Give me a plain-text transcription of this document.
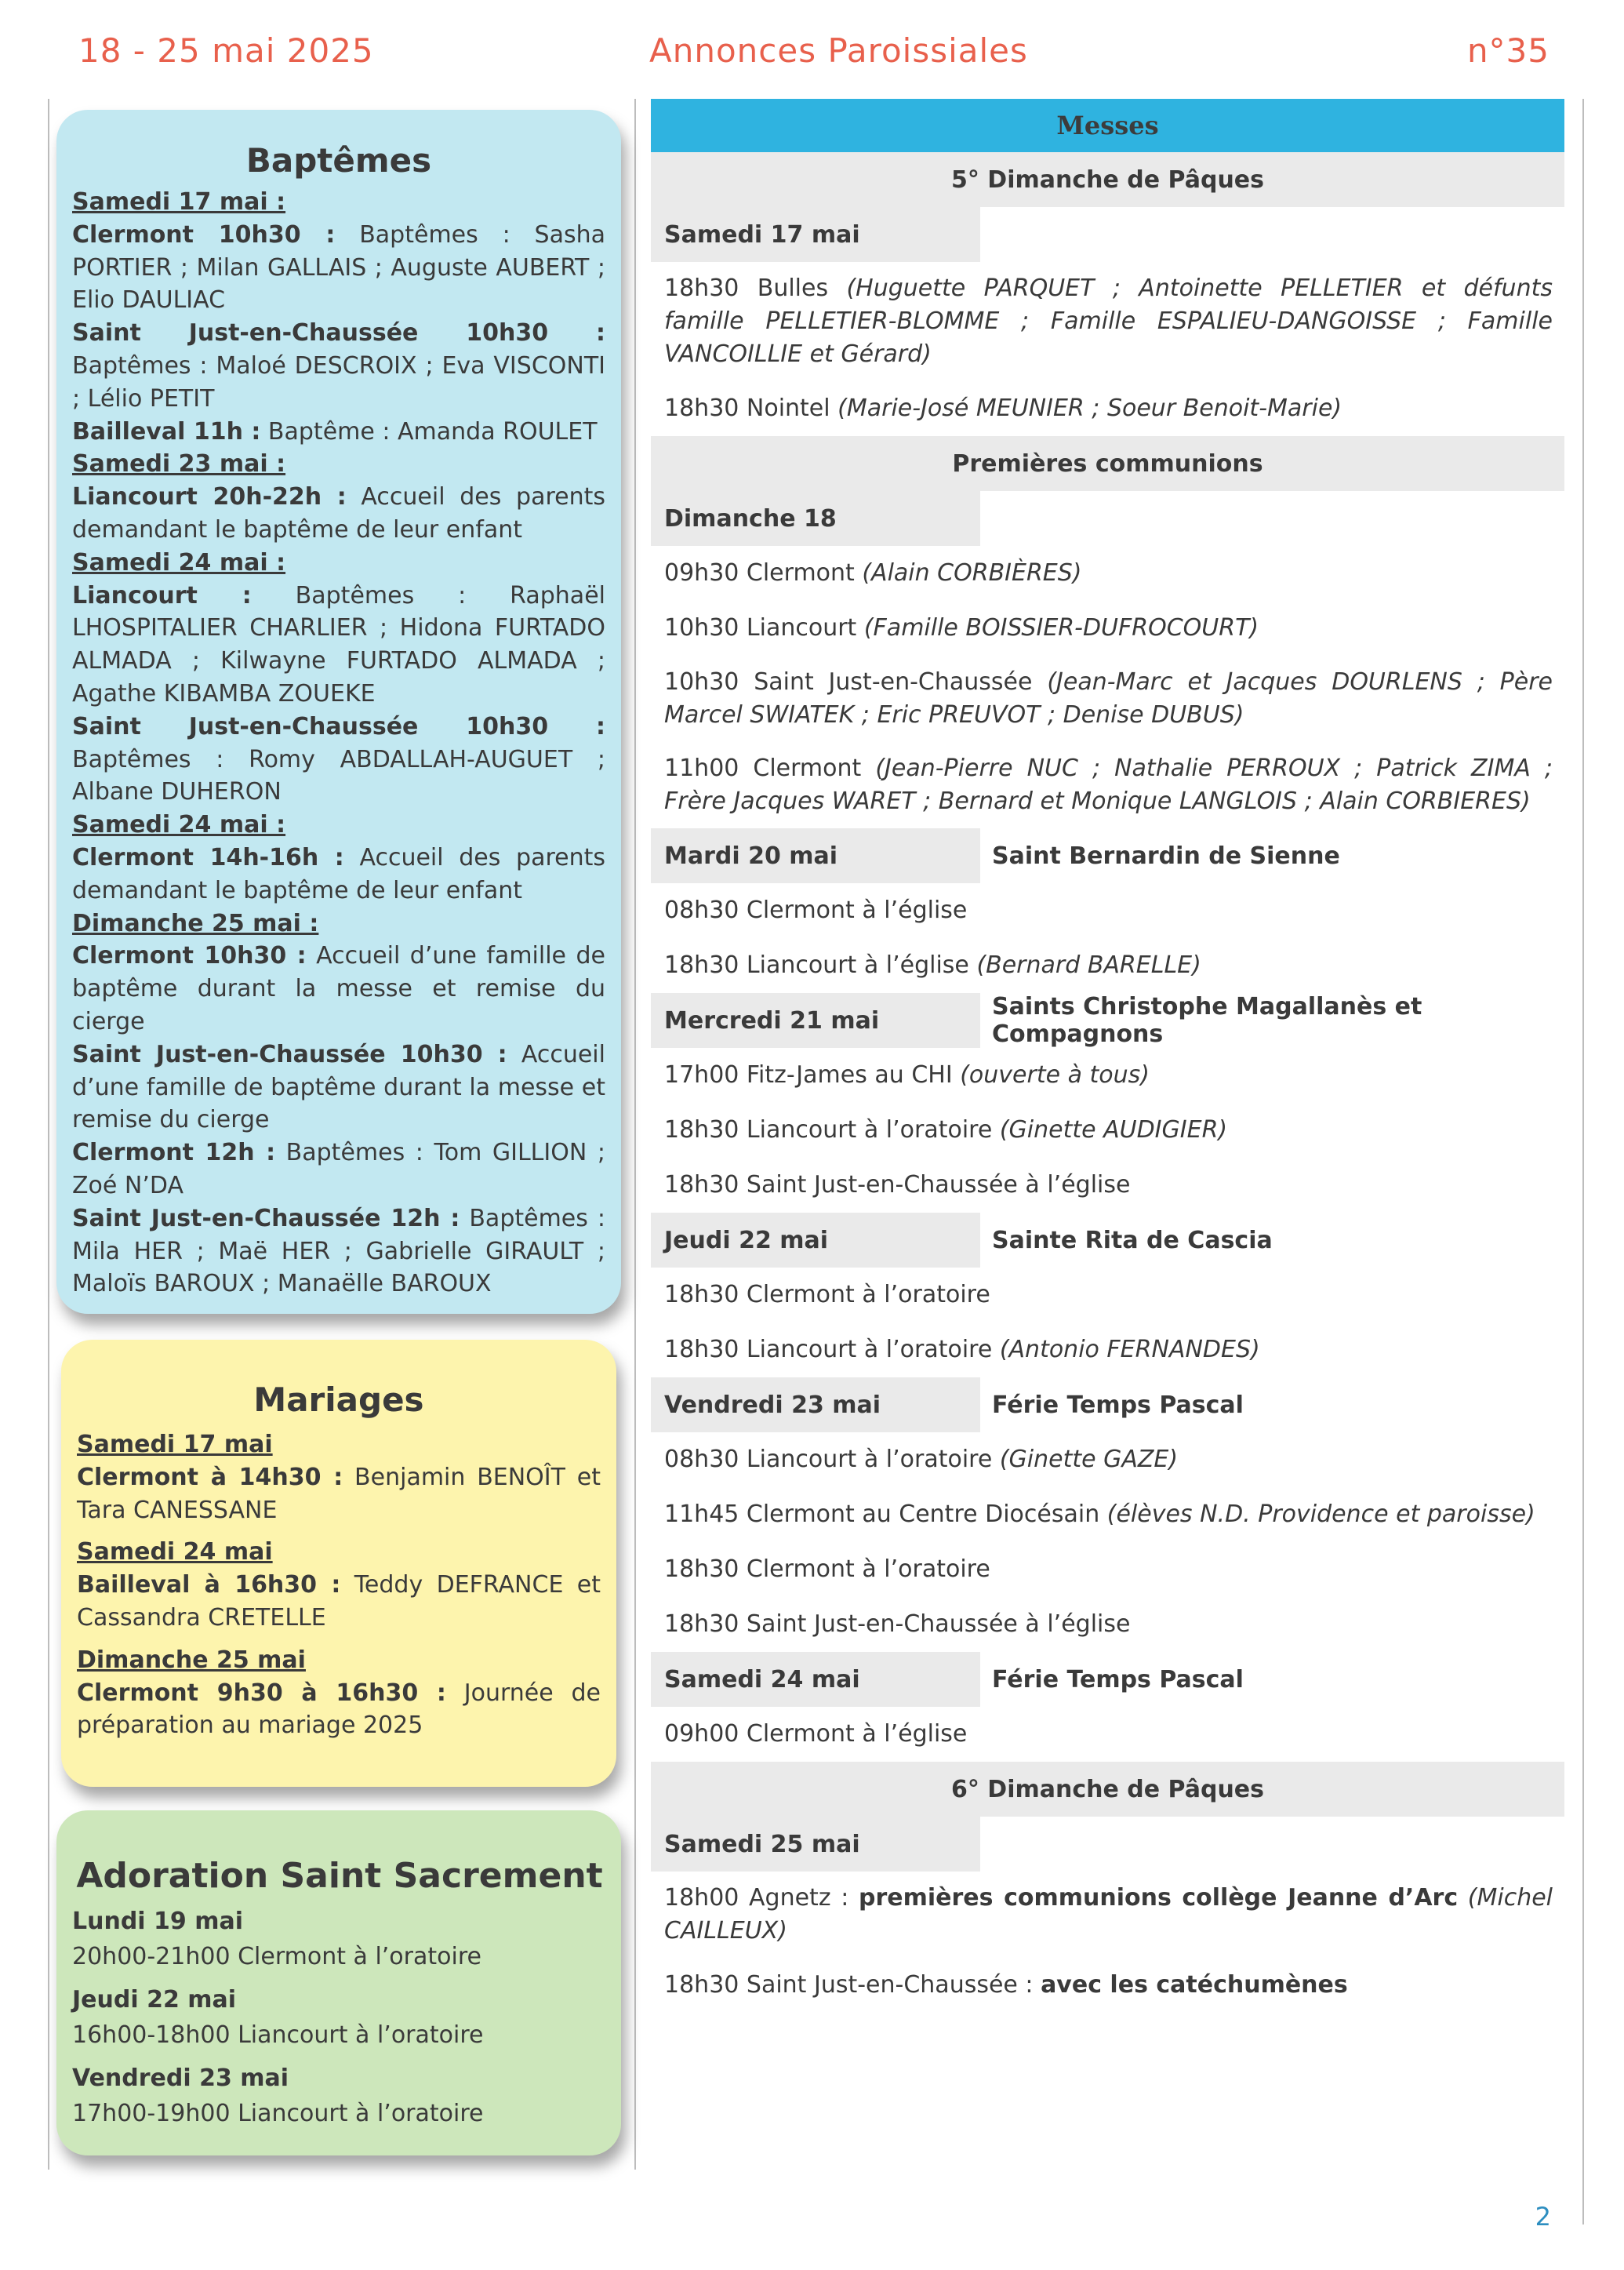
18 - 25 mai 2025	Annonces Paroissiales	n°35
Baptêmes
Samedi 17 mai :
Clermont 10h30 : Baptêmes : Sasha PORTIER ; Milan GALLAIS ; Auguste AUBERT ; Elio DAULIAC
Saint Just-en-Chaussée 10h30 : Baptêmes : Maloé DESCROIX ; Eva VISCONTI ; Lélio PETIT
Bailleval 11h : Baptême : Amanda ROULET
Samedi 23 mai :
Liancourt 20h-22h : Accueil des parents demandant le baptême de leur enfant
Samedi 24 mai :
Liancourt : Baptêmes : Raphaël LHOSPITALIER CHARLIER ; Hidona FURTADO ALMADA ; Kilwayne FURTADO ALMADA ; Agathe KIBAMBA ZOUEKE
Saint Just-en-Chaussée 10h30 : Baptêmes : Romy ABDALLAH-AUGUET ; Albane DUHERON
Samedi 24 mai :
Clermont 14h-16h : Accueil des parents demandant le baptême de leur enfant
Dimanche 25 mai :
Clermont 10h30 : Accueil d’une famille de baptême durant la messe et remise du cierge
Saint Just-en-Chaussée 10h30 : Accueil d’une famille de baptême durant la messe et remise du cierge
Clermont 12h : Baptêmes : Tom GILLION ; Zoé N’DA
Saint Just-en-Chaussée 12h : Baptêmes : Mila HER ; Maë HER ; Gabrielle GIRAULT ; Maloïs BAROUX ; Manaëlle BAROUX
Mariages
Samedi 17 mai
Clermont à 14h30 : Benjamin BENOÎT et Tara CANESSANE
Samedi 24 mai
Bailleval à 16h30 : Teddy DEFRANCE et Cassandra CRETELLE
Dimanche 25 mai
Clermont 9h30 à 16h30 : Journée de préparation au mariage 2025
Adoration Saint Sacrement
Lundi 19 mai
20h00-21h00 Clermont à l’oratoire
Jeudi 22 mai
16h00-18h00 Liancourt à l’oratoire
Vendredi 23 mai
17h00-19h00 Liancourt à l’oratoire
Messes
5° Dimanche de Pâques
Samedi 17 mai
18h30 Bulles (Huguette PARQUET ; Antoinette PELLETIER et défunts famille PELLETIER-BLOMME ; Famille ESPALIEU-DANGOISSE ; Famille VANCOILLIE et Gérard)
18h30 Nointel (Marie-José MEUNIER ; Soeur Benoit-Marie)
Premières communions
Dimanche 18
09h30 Clermont (Alain CORBIÈRES)
10h30 Liancourt (Famille BOISSIER-DUFROCOURT)
10h30 Saint Just-en-Chaussée (Jean-Marc et Jacques DOURLENS ; Père Marcel SWIATEK ; Eric PREUVOT ; Denise DUBUS)
11h00 Clermont (Jean-Pierre NUC ; Nathalie PERROUX ; Patrick ZIMA ; Frère Jacques WARET ; Bernard et Monique LANGLOIS ; Alain CORBIERES)
Mardi 20 mai	Saint Bernardin de Sienne
08h30 Clermont à l’église
18h30 Liancourt à l’église (Bernard BARELLE)
Mercredi 21 mai	Saints Christophe Magallanès et Compagnons
17h00 Fitz-James au CHI (ouverte à tous)
18h30 Liancourt à l’oratoire (Ginette AUDIGIER)
18h30 Saint Just-en-Chaussée à l’église
Jeudi 22 mai	Sainte Rita de Cascia
18h30 Clermont à l’oratoire
18h30 Liancourt à l’oratoire (Antonio FERNANDES)
Vendredi 23 mai	Férie Temps Pascal
08h30 Liancourt à l’oratoire (Ginette GAZE)
11h45 Clermont au Centre Diocésain (élèves N.D. Providence et paroisse)
18h30 Clermont à l’oratoire
18h30 Saint Just-en-Chaussée à l’église
Samedi 24 mai	Férie Temps Pascal
09h00 Clermont à l’église
6° Dimanche de Pâques
Samedi 25 mai
18h00 Agnetz : premières communions collège Jeanne d’Arc (Michel CAILLEUX)
18h30 Saint Just-en-Chaussée : avec les catéchumènes
2
